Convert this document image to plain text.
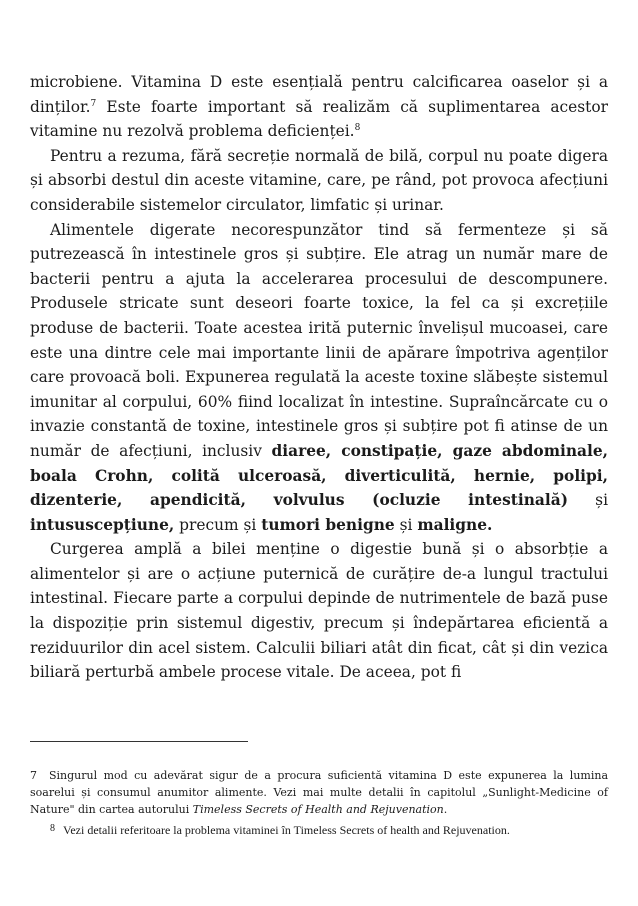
microbiene. Vitamina D este esențială pentru calcificarea oaselor și a dinților.$^7$ Este foarte important să realizăm că suplimentarea acestor vitamine nu rezolvă problema deficienței.$^8$

Pentru a rezuma, fără secreție normală de bilă, corpul nu poate digera și absorbi destul din aceste vitamine, care, pe rând, pot provoca afecțiuni considerabile sistemelor circulator, limfatic și urinar.

Alimentele digerate necorespunzător tind să fermenteze și să putrezească în intestinele gros și subțire. Ele atrag un număr mare de bacterii pentru a ajuta la accelerarea procesului de descompunere. Produsele stricate sunt deseori foarte toxice, la fel ca și excrețiile produse de bacterii. Toate acestea irită puternic învelișul mucoasei, care este una dintre cele mai importante linii de apărare împotriva agenților care provoacă boli. Expunerea regulată la aceste toxine slăbește sistemul imunitar al corpului, 60% fiind localizat în intestine. Supraîncărcate cu o invazie constantă de toxine, intestinele gros și subțire pot fi atinse de un număr de afecțiuni, inclusiv diaree, constipație, gaze abdominale, boala Crohn, colită ulceroasă, diverticulită, hernie, polipi, dizenterie, apendicită, volvulus (ocluzie intestinală) și intususcepțiune, precum și tumori benigne și maligne.

Curgerea amplă a bilei menține o digestie bună și o absorbție a alimentelor și are o acțiune puternică de curățire de-a lungul tractului intestinal. Fiecare parte a corpului depinde de nutrimentele de bază puse la dispoziție prin sistemul digestiv, precum și îndepărtarea eficientă a reziduurilor din acel sistem. Calculii biliari atât din ficat, cât și din vezica biliară perturbă ambele procese vitale. De aceea, pot fi

7 Singurul mod cu adevărat sigur de a procura suficientă vitamina D este expunerea la lumina soarelui și consumul anumitor alimente. Vezi mai multe detalii în capitolul „Sunlight-Medicine of Nature" din cartea autorului Timeless Secrets of Health and Rejuvenation.

8 Vezi detalii referitoare la problema vitaminei în Timeless Secrets of health and Rejuvenation.
